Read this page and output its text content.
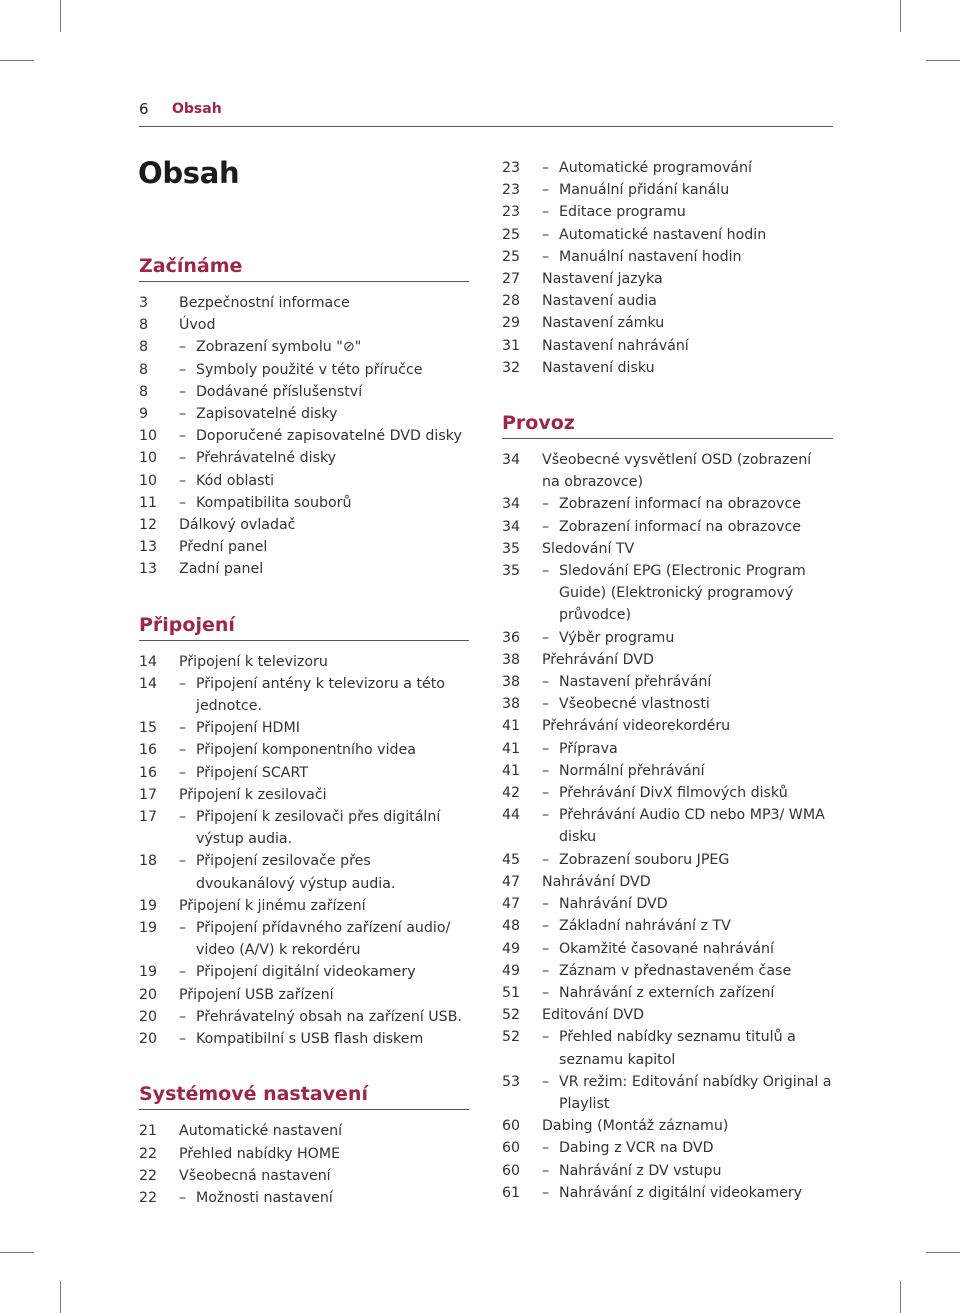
6 Obsah
Obsah
Začínáme
3 Bezpečnostní informace
8 Úvod
8	– Zobrazení symbolu "⊘"
8	– Symboly použité v této příručce
8	– Dodávané příslušenství
9	– Zapisovatelné disky
10	– Doporučené zapisovatelné DVD disky
10	– Přehrávatelné disky
10	– Kód oblasti
11	– Kompatibilita souborů
12 Dálkový ovladač
13 Přední panel
13 Zadní panel
Připojení
14 Připojení k televizoru
14	– Připojení antény k televizoru a této jednotce.
15	– Připojení HDMI
16	– Připojení komponentního videa
16	– Připojení SCART
17 Připojení k zesilovači
17	– Připojení k zesilovači přes digitální výstup audia.
18	– Připojení zesilovače přes dvoukanálový výstup audia.
19 Připojení k jinému zařízení
19	– Připojení přídavného zařízení audio/ video (A/V) k rekordéru
19	– Připojení digitální videokamery
20 Připojení USB zařízení
20	– Přehrávatelný obsah na zařízení USB.
20	– Kompatibilní s USB flash diskem
Systémové nastavení
21 Automatické nastavení
22 Přehled nabídky HOME
22 Všeobecná nastavení
22	– Možnosti nastavení
23	– Automatické programování
23	– Manuální přidání kanálu
23	– Editace programu
25	– Automatické nastavení hodin
25	– Manuální nastavení hodin
27 Nastavení jazyka
28 Nastavení audia
29 Nastavení zámku
31 Nastavení nahrávání
32 Nastavení disku
Provoz
34 Všeobecné vysvětlení OSD (zobrazení na obrazovce)
34	– Zobrazení informací na obrazovce
34	– Zobrazení informací na obrazovce
35 Sledování TV
35	– Sledování EPG (Electronic Program Guide) (Elektronický programový průvodce)
36	– Výběr programu
38 Přehrávání DVD
38	– Nastavení přehrávání
38	– Všeobecné vlastnosti
41 Přehrávání videorekordéru
41	– Příprava
41	– Normální přehrávání
42	– Přehrávání DivX filmových disků
44	– Přehrávání Audio CD nebo MP3/ WMA disku
45	– Zobrazení souboru JPEG
47 Nahrávání DVD
47	– Nahrávání DVD
48	– Základní nahrávání z TV
49	– Okamžité časované nahrávání
49	– Záznam v přednastaveném čase
51	– Nahrávání z externích zařízení
52 Editování DVD
52	– Přehled nabídky seznamu titulů a seznamu kapitol
53	– VR režim: Editování nabídky Original a Playlist
60 Dabing (Montáž záznamu)
60	– Dabing z VCR na DVD
60	– Nahrávání z DV vstupu
61	– Nahrávání z digitální videokamery
